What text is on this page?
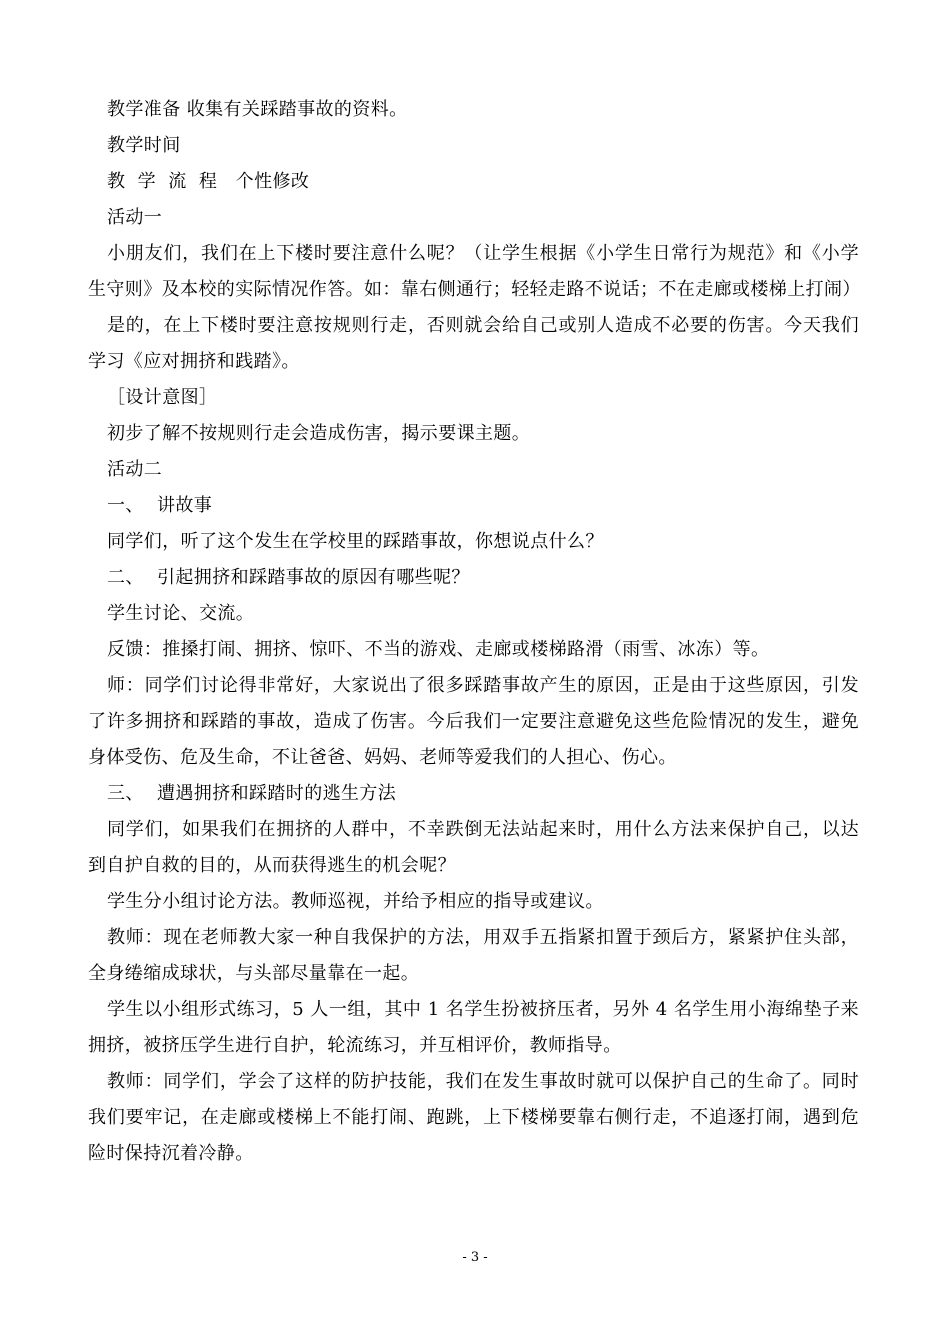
教学准备 收集有关踩踏事故的资料。

教学时间

教  学  流  程   个性修改

活动一

小朋友们，我们在上下楼时要注意什么呢？（让学生根据《小学生日常行为规范》和《小学生守则》及本校的实际情况作答。如：靠右侧通行；轻轻走路不说话；不在走廊或楼梯上打闹）

是的，在上下楼时要注意按规则行走，否则就会给自己或别人造成不必要的伤害。今天我们学习《应对拥挤和践踏》。

［设计意图］

初步了解不按规则行走会造成伤害，揭示要课主题。

活动二

一、 讲故事

同学们，听了这个发生在学校里的踩踏事故，你想说点什么？

二、 引起拥挤和踩踏事故的原因有哪些呢？

学生讨论、交流。

反馈：推搡打闹、拥挤、惊吓、不当的游戏、走廊或楼梯路滑（雨雪、冰冻）等。

师：同学们讨论得非常好，大家说出了很多踩踏事故产生的原因，正是由于这些原因，引发了许多拥挤和踩踏的事故，造成了伤害。今后我们一定要注意避免这些危险情况的发生，避免身体受伤、危及生命，不让爸爸、妈妈、老师等爱我们的人担心、伤心。

三、 遭遇拥挤和踩踏时的逃生方法

同学们，如果我们在拥挤的人群中，不幸跌倒无法站起来时，用什么方法来保护自己，以达到自护自救的目的，从而获得逃生的机会呢？

学生分小组讨论方法。教师巡视，并给予相应的指导或建议。

教师：现在老师教大家一种自我保护的方法，用双手五指紧扣置于颈后方，紧紧护住头部，全身绻缩成球状，与头部尽量靠在一起。

学生以小组形式练习，5 人一组，其中 1 名学生扮被挤压者，另外 4 名学生用小海绵垫子来拥挤，被挤压学生进行自护，轮流练习，并互相评价，教师指导。

教师：同学们，学会了这样的防护技能，我们在发生事故时就可以保护自己的生命了。同时我们要牢记，在走廊或楼梯上不能打闹、跑跳，上下楼梯要靠右侧行走，不追逐打闹，遇到危险时保持沉着冷静。

- 3 -
